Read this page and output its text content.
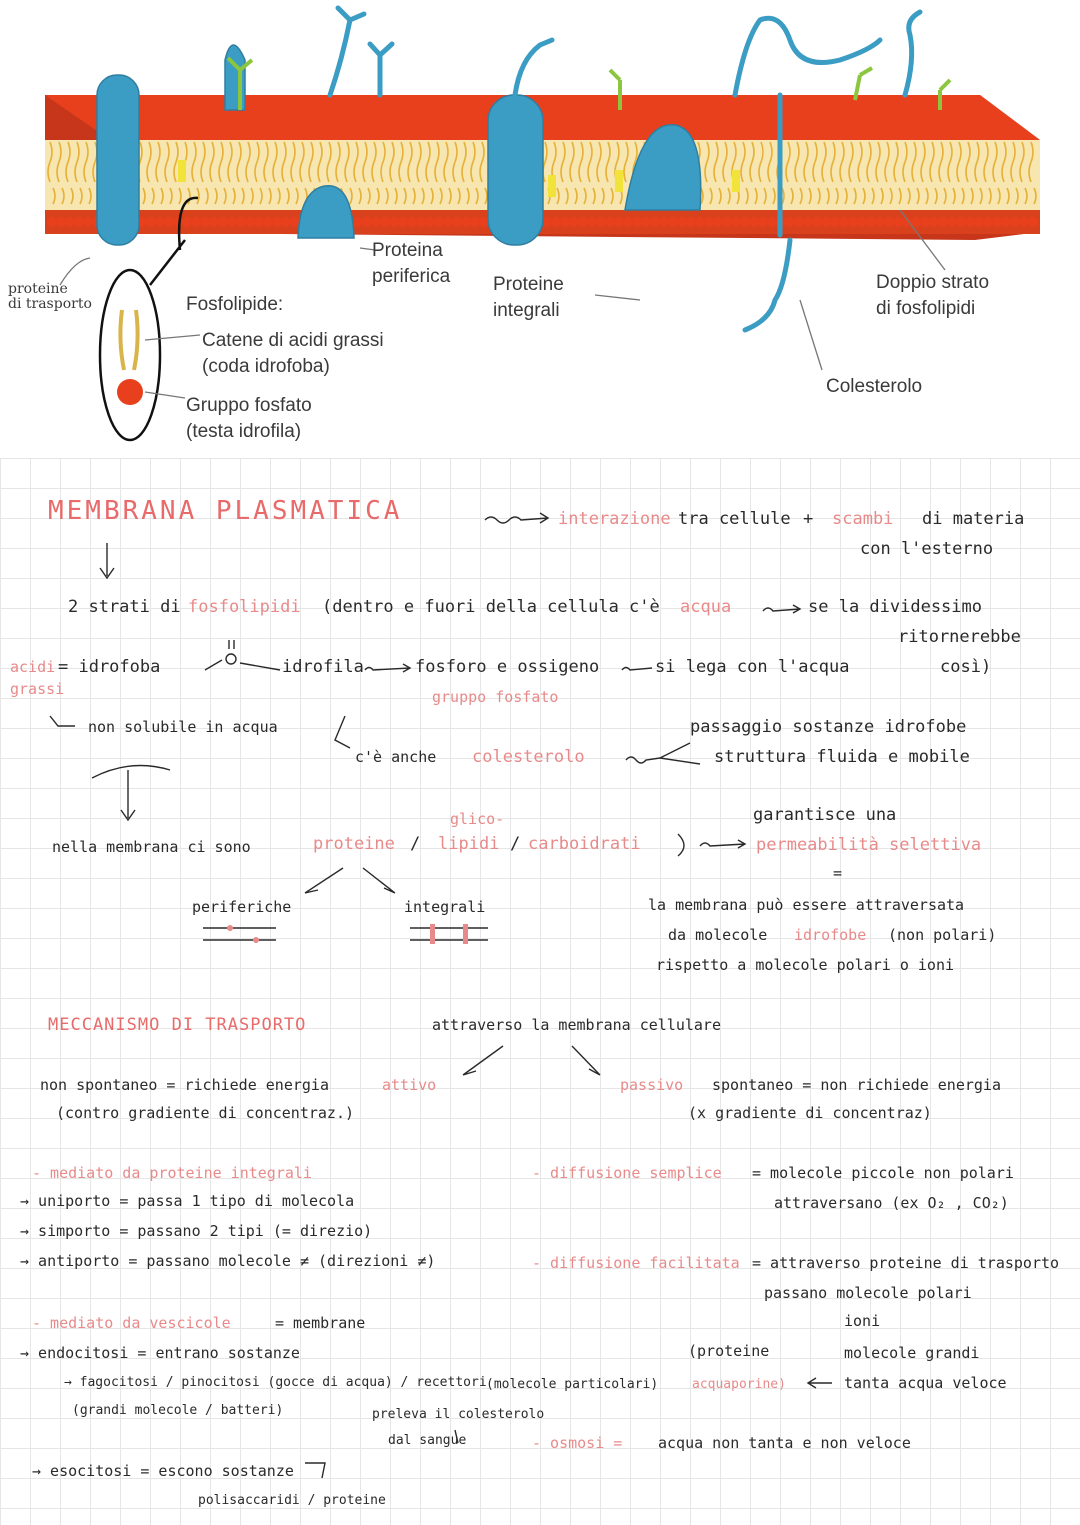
proteine
di trasporto
Proteina
periferica Proteine
integrali
Doppio strato
di fosfolipidi
Fosfolipide:
Catene di acidi grassi
(coda idrofoba)
Gruppo fosfato
(testa idrofila)
Colesterolo
MEMBRANA PLASMATICA	interazione tra cellule + scambi di materia
con l'esterno
2 strati di fosfolipidi (dentro e fuori della cellula c'è acqua	se la dividessimo
ritornerebbe
così)
acidi
grassi
= idrofoba	idrofila	fosforo e ossigeno	si lega con l'acqua
gruppo fosfato
non solubile in acqua
c'è anche colesterolo
passaggio sostanze idrofobe
struttura fluida e mobile
nella membrana ci sono	proteine
glico-
/ lipidi / carboidrati
garantisce una
permeabilità selettiva
=
periferiche	integrali	la membrana può essere attraversata
da molecole idrofobe (non polari)
rispetto a molecole polari o ioni
MECCANISMO DI TRASPORTO	attraverso la membrana cellulare
non spontaneo = richiede energia	attivo
(contro gradiente di concentraz.)
passivo spontaneo = non richiede energia
(x gradiente di concentraz)
- mediato da proteine integrali
→ uniporto = passa 1 tipo di molecola
→ simporto = passano 2 tipi (= direzio)
→ antiporto = passano molecole ≠ (direzioni ≠)
- diffusione semplice = molecole piccole non polari
attraversano (ex O₂ , CO₂)
- diffusione facilitata = attraverso proteine di trasporto
passano molecole polari
ioni
molecole grandi
tanta acqua veloce
(proteine
acquaporine)
- mediato da vescicole	= membrane
→ endocitosi = entrano sostanze
→ fagocitosi / pinocitosi (gocce di acqua) / recettori (molecole particolari)
(grandi molecole / batteri)	preleva il colesterolo
dal sangue	- osmosi = acqua non tanta e non veloce
→ esocitosi = escono sostanze
polisaccaridi / proteine
